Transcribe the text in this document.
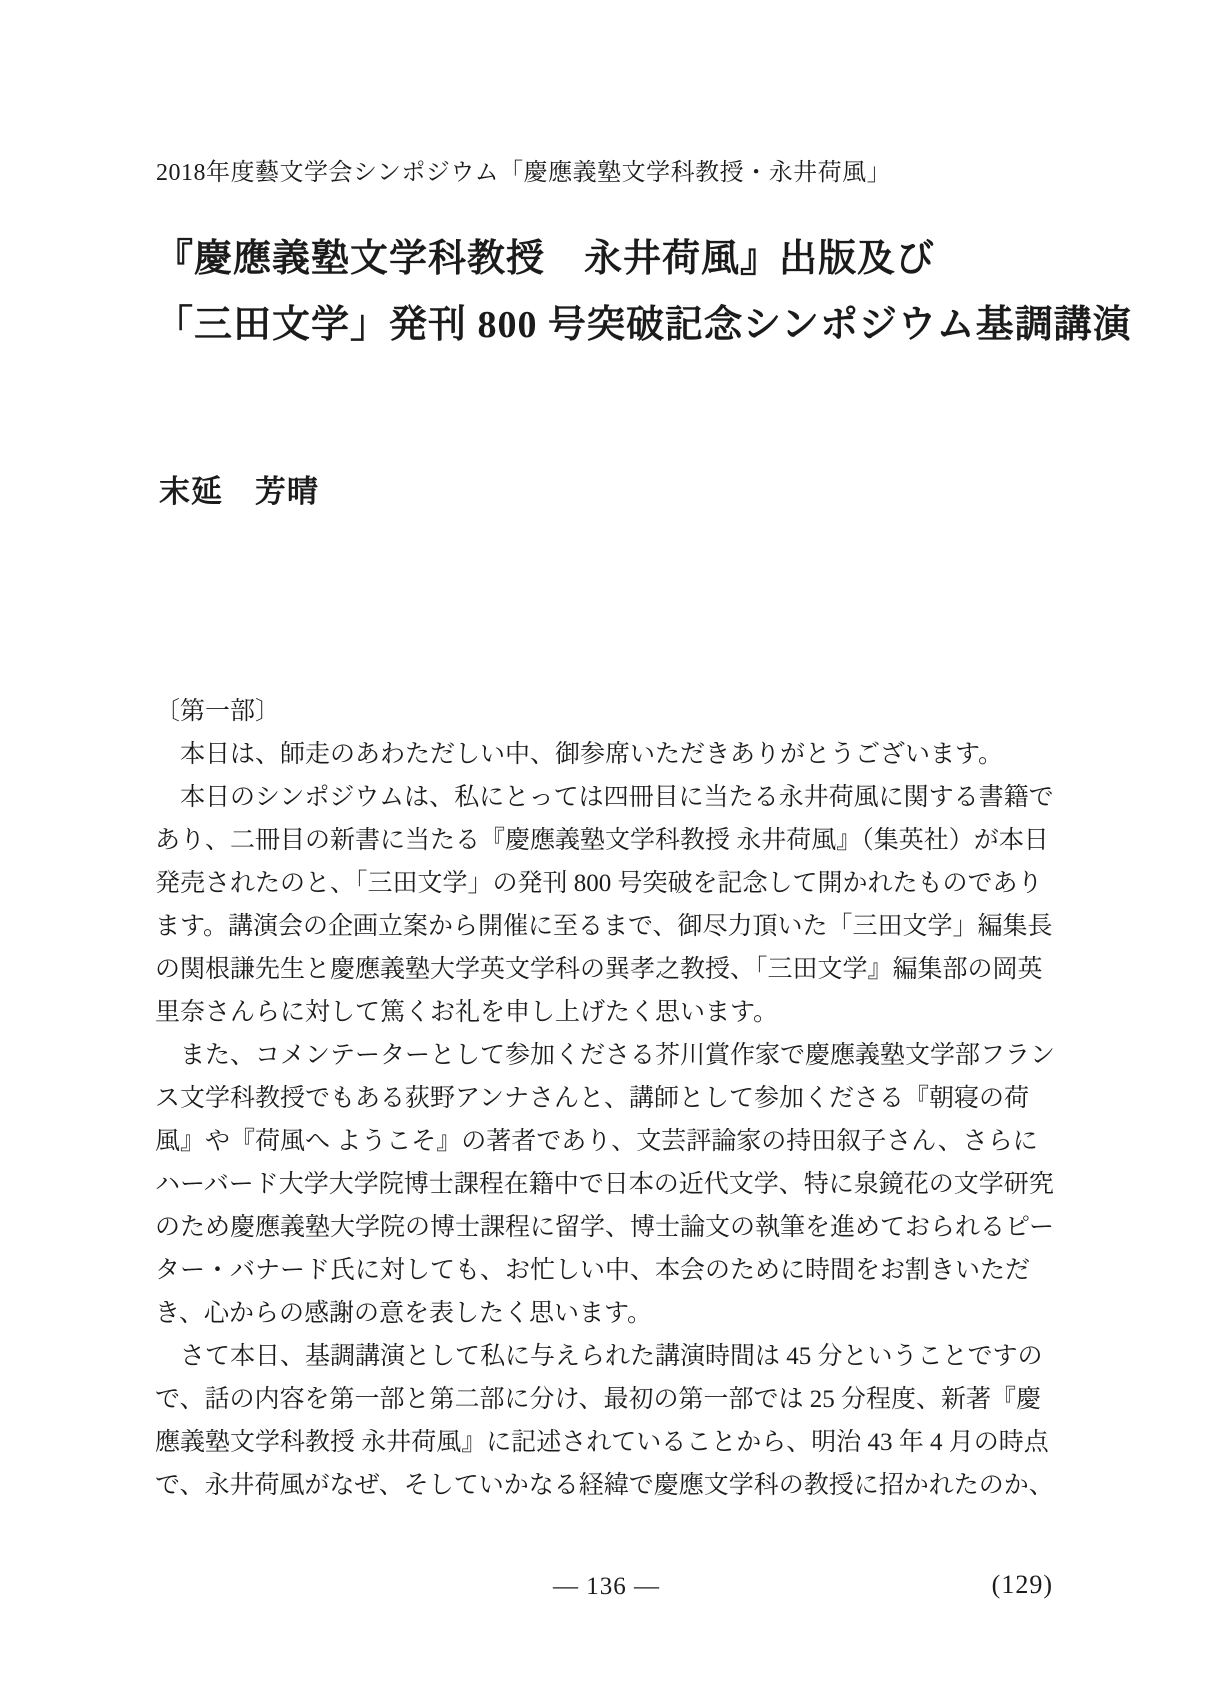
2018年度藝文学会シンポジウム「慶應義塾文学科教授・永井荷風」
『慶應義塾文学科教授　永井荷風』出版及び
「三田文学」発刊 800 号突破記念シンポジウム基調講演
末延　芳晴
〔第一部〕
　本日は、師走のあわただしい中、御参席いただきありがとうございます。
　本日のシンポジウムは、私にとっては四冊目に当たる永井荷風に関する書籍で
あり、二冊目の新書に当たる『慶應義塾文学科教授 永井荷風』（集英社）が本日
発売されたのと、「三田文学」の発刊 800 号突破を記念して開かれたものであり
ます。講演会の企画立案から開催に至るまで、御尽力頂いた「三田文学」編集長
の関根謙先生と慶應義塾大学英文学科の巽孝之教授、「三田文学』編集部の岡英
里奈さんらに対して篤くお礼を申し上げたく思います。
　また、コメンテーターとして参加くださる芥川賞作家で慶應義塾文学部フラン
ス文学科教授でもある荻野アンナさんと、講師として参加くださる『朝寝の荷
風』や『荷風へ ようこそ』の著者であり、文芸評論家の持田叙子さん、さらに
ハーバード大学大学院博士課程在籍中で日本の近代文学、特に泉鏡花の文学研究
のため慶應義塾大学院の博士課程に留学、博士論文の執筆を進めておられるピー
ター・バナード氏に対しても、お忙しい中、本会のために時間をお割きいただ
き、心からの感謝の意を表したく思います。
　さて本日、基調講演として私に与えられた講演時間は 45 分ということですの
で、話の内容を第一部と第二部に分け、最初の第一部では 25 分程度、新著『慶
應義塾文学科教授 永井荷風』に記述されていることから、明治 43 年 4 月の時点
で、永井荷風がなぜ、そしていかなる経緯で慶應文学科の教授に招かれたのか、
― 136 ―	(129)
